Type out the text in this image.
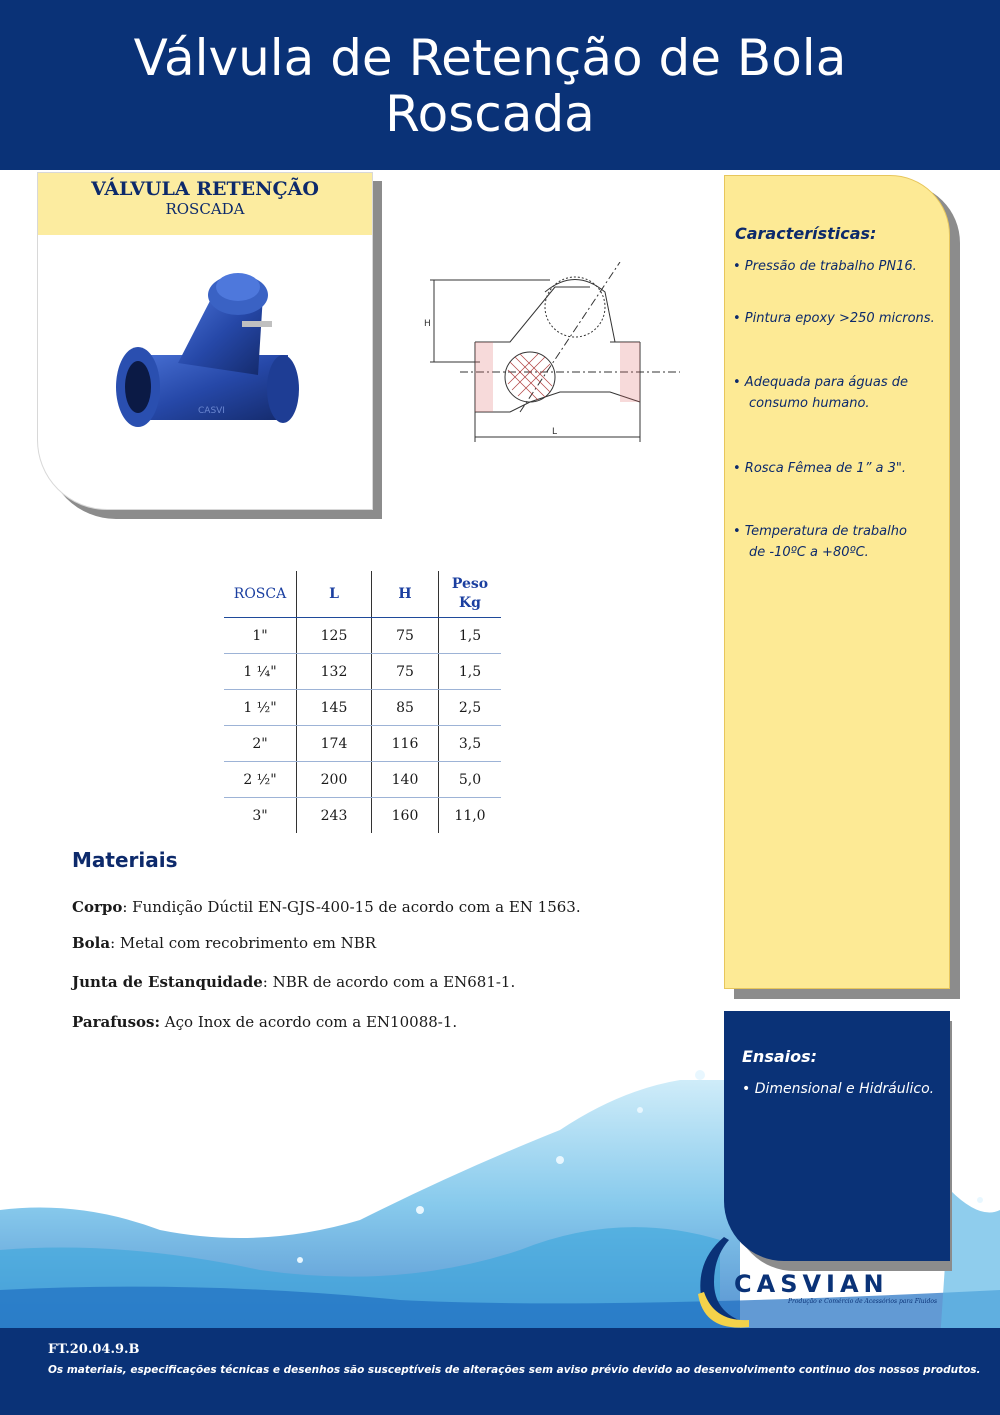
Válvula de Retenção de Bola
Roscada
VÁLVULA RETENÇÃO
ROSCADA
CASVI
H
L
ROSCA	L	H	Peso
Kg

1"	125	75	1,5
1 ¼"	132	75	1,5
1 ½"	145	85	2,5
2"	174	116	3,5
2 ½"	200	140	5,0
3"	243	160	11,0
Características:
• Pressão de trabalho PN16.
• Pintura epoxy >250 microns.
• Adequada para águas de
consumo humano.
• Rosca Fêmea de 1” a 3".
• Temperatura de trabalho
de -10ºC a +80ºC.
Materiais
Corpo: Fundição Dúctil EN-GJS-400-15 de acordo com a EN 1563.
Bola: Metal com recobrimento em NBR
Junta de Estanquidade: NBR de acordo com a EN681-1.
Parafusos: Aço Inox de acordo com a EN10088-1.
Ensaios:
• Dimensional e Hidráulico.
CASVIAN
Produção e Comércio de Acessórios para Fluidos
FT.20.04.9.B
Os materiais, especificações técnicas e desenhos são susceptíveis de alterações sem aviso prévio devido ao desenvolvimento continuo dos nossos produtos.
